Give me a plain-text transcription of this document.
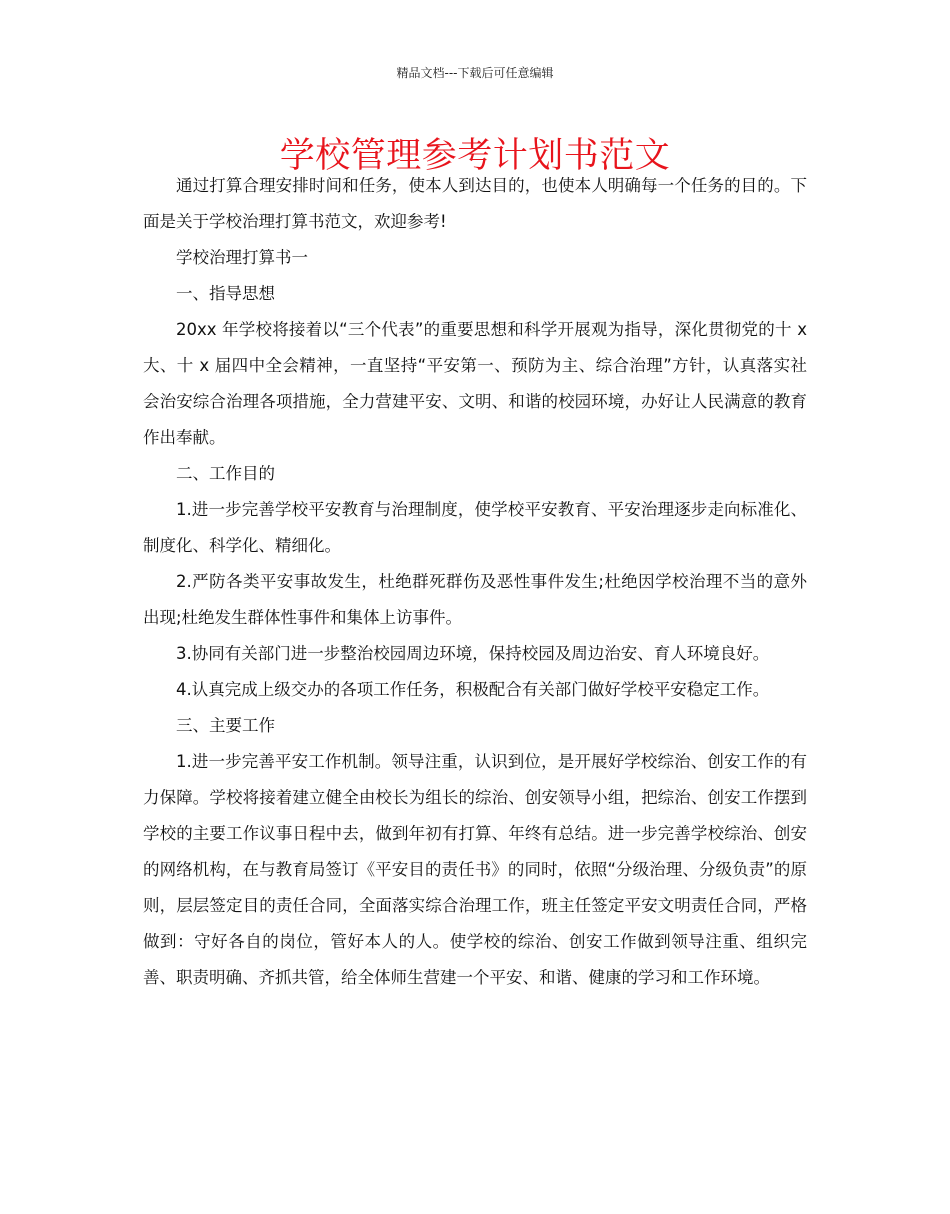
精品文档---下载后可任意编辑
学校管理参考计划书范文

通过打算合理安排时间和任务，使本人到达目的，也使本人明确每一个任务的目的。下面是关于学校治理打算书范文，欢迎参考!

学校治理打算书一

一、指导思想

20xx 年学校将接着以“三个代表”的重要思想和科学开展观为指导，深化贯彻党的十 x 大、十 x 届四中全会精神，一直坚持“平安第一、预防为主、综合治理”方针，认真落实社会治安综合治理各项措施，全力营建平安、文明、和谐的校园环境，办好让人民满意的教育作出奉献。

二、工作目的

1.进一步完善学校平安教育与治理制度，使学校平安教育、平安治理逐步走向标准化、制度化、科学化、精细化。

2.严防各类平安事故发生，杜绝群死群伤及恶性事件发生;杜绝因学校治理不当的意外出现;杜绝发生群体性事件和集体上访事件。

3.协同有关部门进一步整治校园周边环境，保持校园及周边治安、育人环境良好。

4.认真完成上级交办的各项工作任务，积极配合有关部门做好学校平安稳定工作。

三、主要工作

1.进一步完善平安工作机制。领导注重，认识到位，是开展好学校综治、创安工作的有力保障。学校将接着建立健全由校长为组长的综治、创安领导小组，把综治、创安工作摆到学校的主要工作议事日程中去，做到年初有打算、年终有总结。进一步完善学校综治、创安的网络机构，在与教育局签订《平安目的责任书》的同时，依照“分级治理、分级负责”的原则，层层签定目的责任合同，全面落实综合治理工作，班主任签定平安文明责任合同，严格做到：守好各自的岗位，管好本人的人。使学校的综治、创安工作做到领导注重、组织完善、职责明确、齐抓共管，给全体师生营建一个平安、和谐、健康的学习和工作环境。
